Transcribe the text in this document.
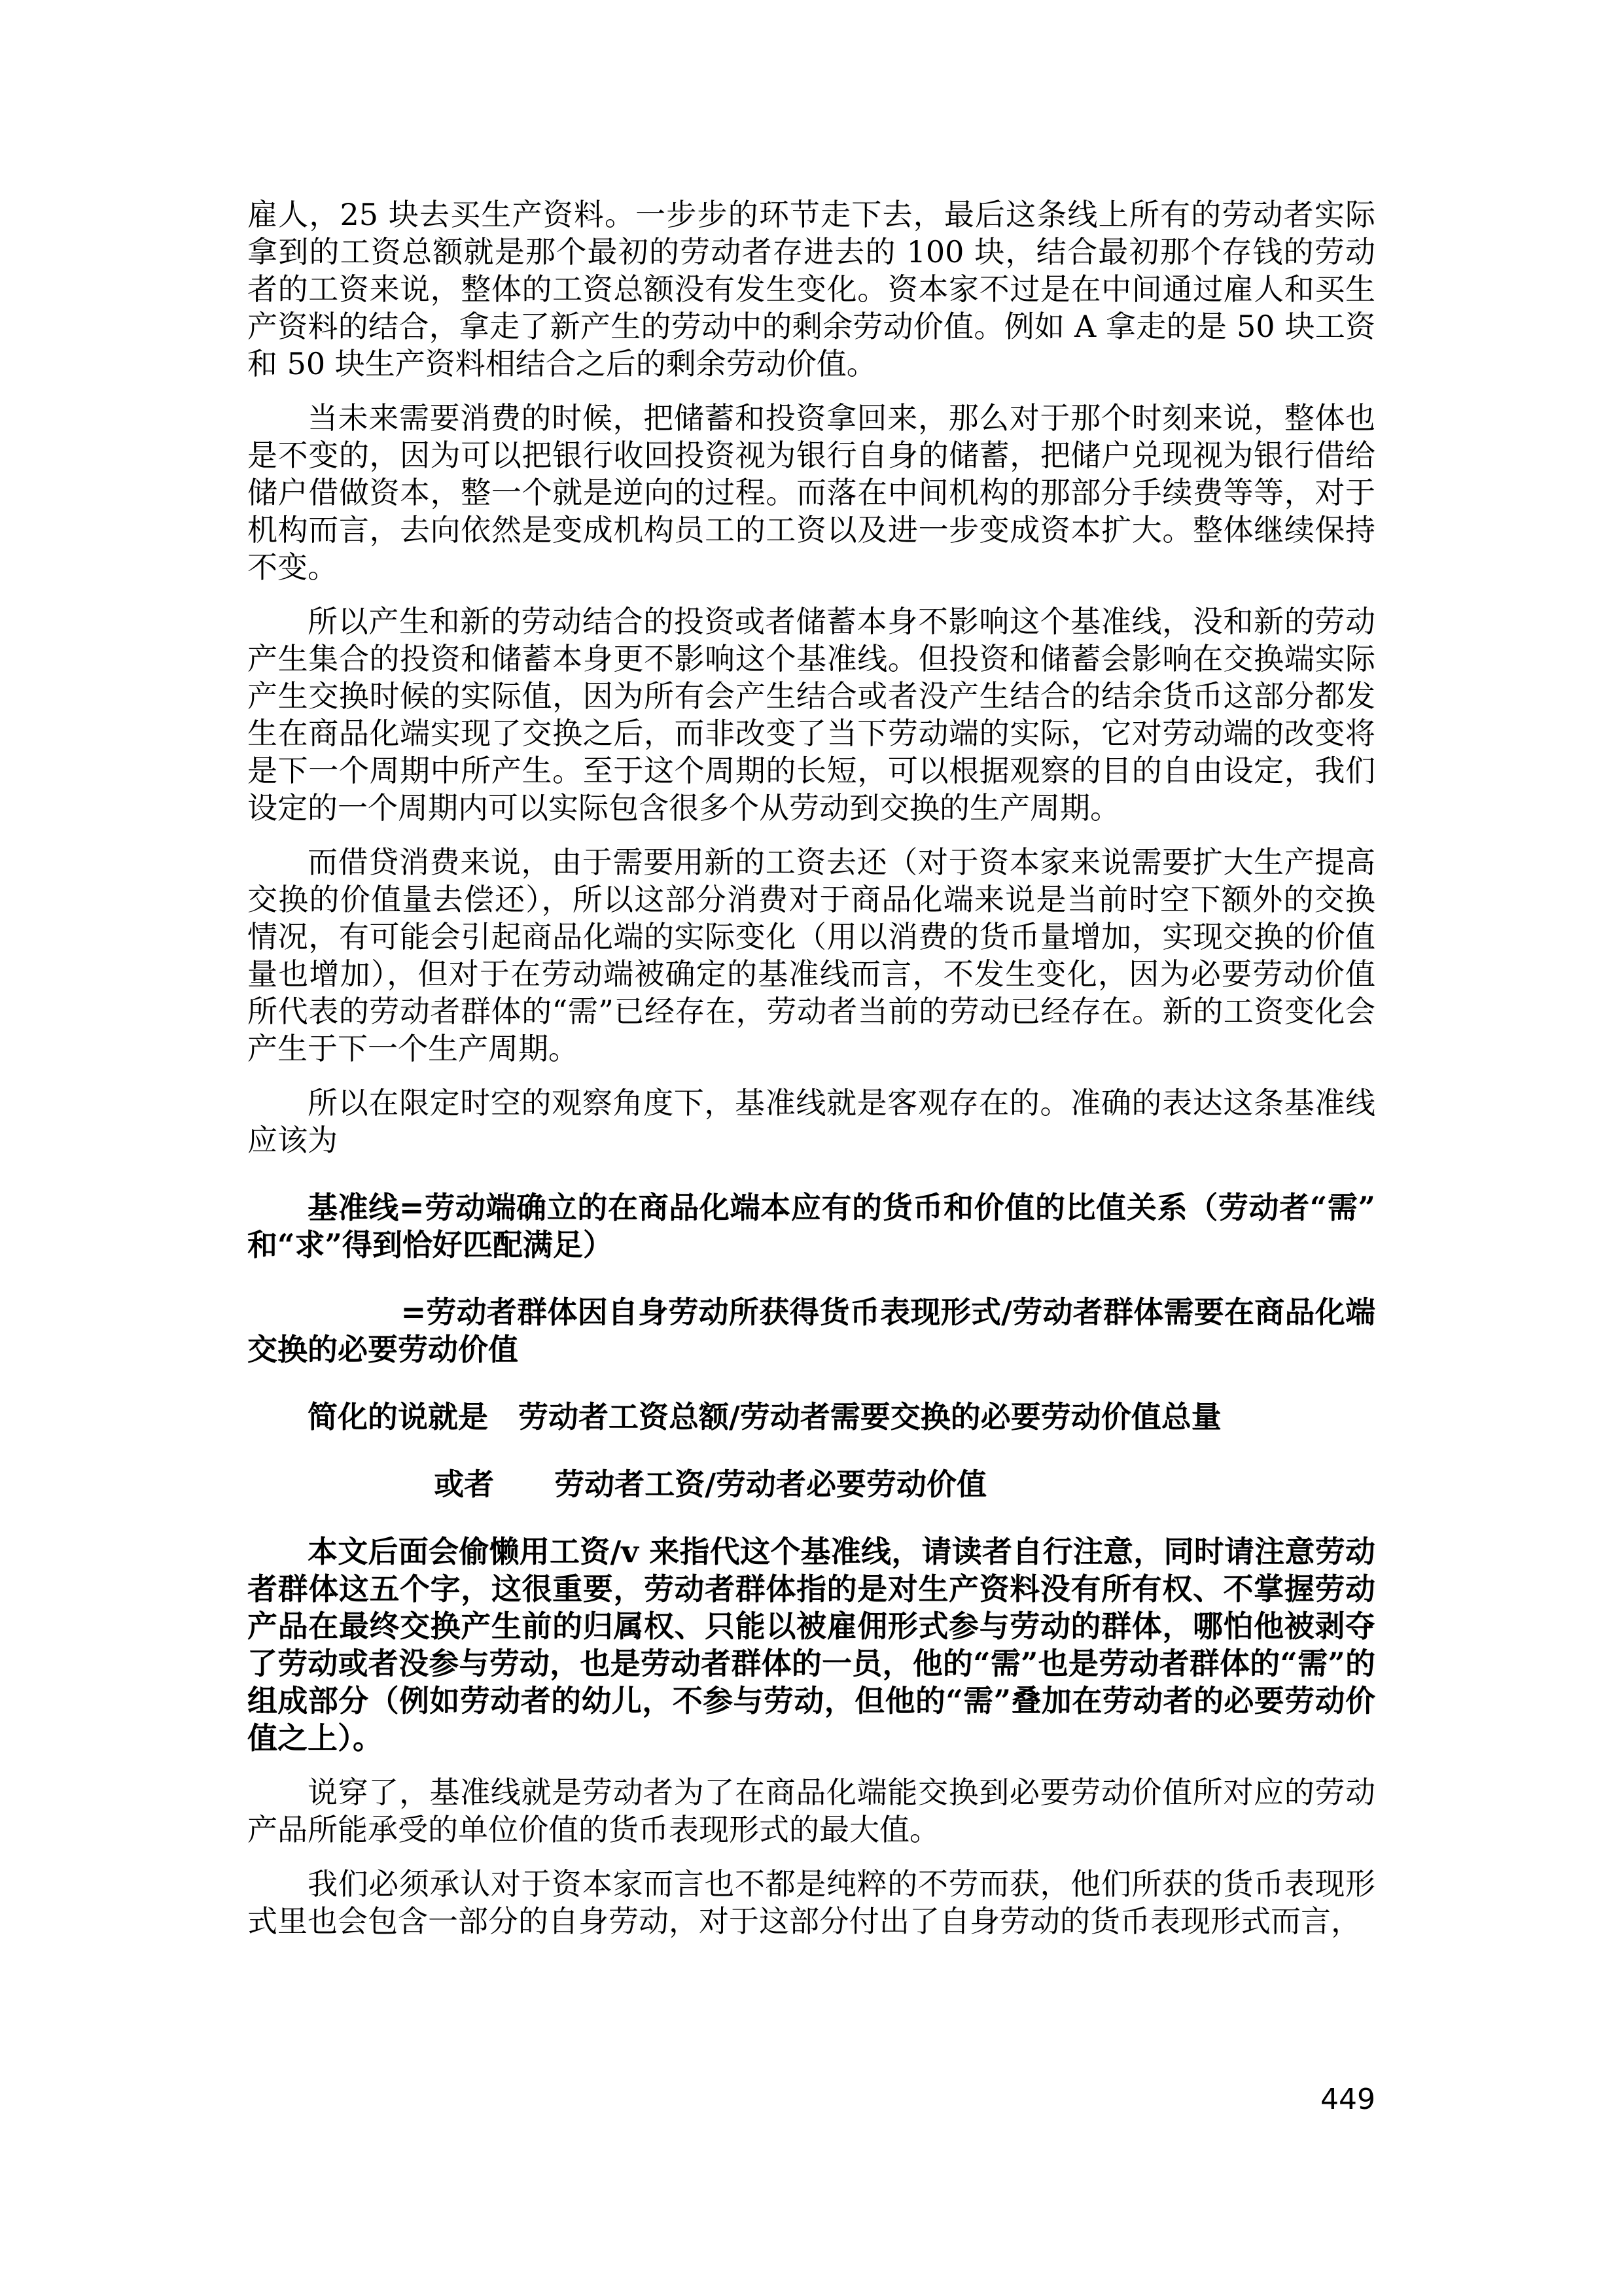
雇人，25 块去买生产资料。一步步的环节走下去，最后这条线上所有的劳动者实际拿到的工资总额就是那个最初的劳动者存进去的 100 块，结合最初那个存钱的劳动者的工资来说，整体的工资总额没有发生变化。资本家不过是在中间通过雇人和买生产资料的结合，拿走了新产生的劳动中的剩余劳动价值。例如 A 拿走的是 50 块工资和 50 块生产资料相结合之后的剩余劳动价值。

当未来需要消费的时候，把储蓄和投资拿回来，那么对于那个时刻来说，整体也是不变的，因为可以把银行收回投资视为银行自身的储蓄，把储户兑现视为银行借给储户借做资本，整一个就是逆向的过程。而落在中间机构的那部分手续费等等，对于机构而言，去向依然是变成机构员工的工资以及进一步变成资本扩大。整体继续保持不变。

所以产生和新的劳动结合的投资或者储蓄本身不影响这个基准线，没和新的劳动产生集合的投资和储蓄本身更不影响这个基准线。但投资和储蓄会影响在交换端实际产生交换时候的实际值，因为所有会产生结合或者没产生结合的结余货币这部分都发生在商品化端实现了交换之后，而非改变了当下劳动端的实际，它对劳动端的改变将是下一个周期中所产生。至于这个周期的长短，可以根据观察的目的自由设定，我们设定的一个周期内可以实际包含很多个从劳动到交换的生产周期。

而借贷消费来说，由于需要用新的工资去还（对于资本家来说需要扩大生产提高交换的价值量去偿还），所以这部分消费对于商品化端来说是当前时空下额外的交换情况，有可能会引起商品化端的实际变化（用以消费的货币量增加，实现交换的价值量也增加），但对于在劳动端被确定的基准线而言，不发生变化，因为必要劳动价值所代表的劳动者群体的“需”已经存在，劳动者当前的劳动已经存在。新的工资变化会产生于下一个生产周期。

所以在限定时空的观察角度下，基准线就是客观存在的。准确的表达这条基准线应该为

基准线=劳动端确立的在商品化端本应有的货币和价值的比值关系（劳动者“需”和“求”得到恰好匹配满足）

=劳动者群体因自身劳动所获得货币表现形式/劳动者群体需要在商品化端交换的必要劳动价值

简化的说就是　劳动者工资总额/劳动者需要交换的必要劳动价值总量

或者　　劳动者工资/劳动者必要劳动价值

本文后面会偷懒用工资/v 来指代这个基准线，请读者自行注意，同时请注意劳动者群体这五个字，这很重要，劳动者群体指的是对生产资料没有所有权、不掌握劳动产品在最终交换产生前的归属权、只能以被雇佣形式参与劳动的群体，哪怕他被剥夺了劳动或者没参与劳动，也是劳动者群体的一员，他的“需”也是劳动者群体的“需”的组成部分（例如劳动者的幼儿，不参与劳动，但他的“需”叠加在劳动者的必要劳动价值之上）。

说穿了，基准线就是劳动者为了在商品化端能交换到必要劳动价值所对应的劳动产品所能承受的单位价值的货币表现形式的最大值。

我们必须承认对于资本家而言也不都是纯粹的不劳而获，他们所获的货币表现形式里也会包含一部分的自身劳动，对于这部分付出了自身劳动的货币表现形式而言，

449
